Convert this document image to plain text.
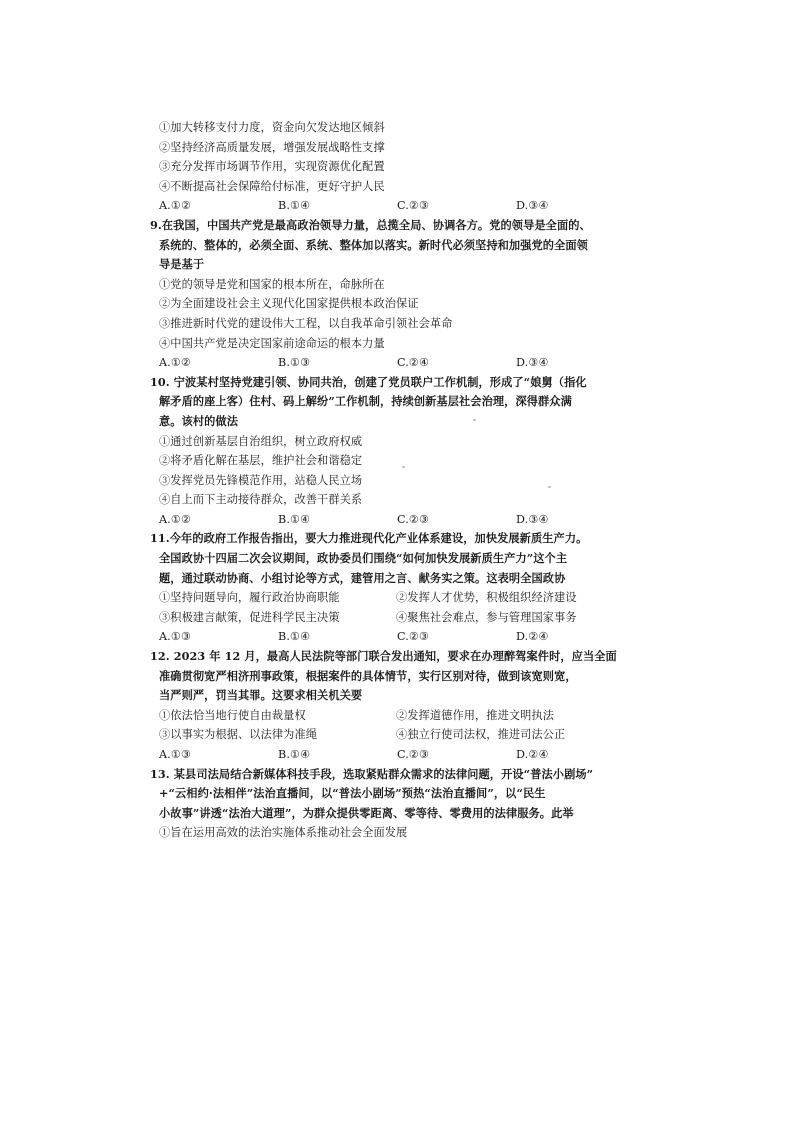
①加大转移支付力度，资金向欠发达地区倾斜
②坚持经济高质量发展，增强发展战略性支撑
③充分发挥市场调节作用，实现资源优化配置
④不断提高社会保障给付标准，更好守护人民
A.①②	B.①④	C.②③	D.③④
9.在我国，中国共产党是最高政治领导力量，总揽全局、协调各方。党的领导是全面的、
系统的、整体的，必须全面、系统、整体加以落实。新时代必须坚持和加强党的全面领
导是基于
①党的领导是党和国家的根本所在，命脉所在
②为全面建设社会主义现代化国家提供根本政治保证
③推进新时代党的建设伟大工程，以自我革命引领社会革命
④中国共产党是决定国家前途命运的根本力量
A.①②	B.①③	C.②④	D.③④
10. 宁波某村坚持党建引领、协同共治，创建了党员联户工作机制，形成了“娘舅（指化
解矛盾的座上客）住村、码上解纷”工作机制，持续创新基层社会治理，深得群众满
意。该村的做法
①通过创新基层自治组织，树立政府权威
②将矛盾化解在基层，维护社会和谐稳定
③发挥党员先锋模范作用，站稳人民立场
④自上而下主动接待群众，改善干群关系
A.①②	B.①④	C.②③	D.③④
11.今年的政府工作报告指出，要大力推进现代化产业体系建设，加快发展新质生产力。
全国政协十四届二次会议期间，政协委员们围绕“如何加快发展新质生产力”这个主
题，通过联动协商、小组讨论等方式，建管用之言、献务实之策。这表明全国政协
①坚持问题导向，履行政治协商职能	②发挥人才优势，积极组织经济建设
③积极建言献策，促进科学民主决策	④聚焦社会难点，参与管理国家事务
A.①③	B.①④	C.②③	D.②④
12. 2023 年 12 月，最高人民法院等部门联合发出通知，要求在办理醉驾案件时，应当全面
准确贯彻宽严相济刑事政策，根据案件的具体情节，实行区别对待，做到该宽则宽，
当严则严，罚当其罪。这要求相关机关要
①依法恰当地行使自由裁量权	②发挥道德作用，推进文明执法
③以事实为根据、以法律为准绳	④独立行使司法权，推进司法公正
A.①③	B.①④	C.②③	D.②④
13. 某县司法局结合新媒体科技手段，选取紧贴群众需求的法律问题，开设“普法小剧场”
+“云相约·法相伴”法治直播间，以“普法小剧场”预热“法治直播间”，以“民生
小故事”讲透“法治大道理”，为群众提供零距离、零等待、零费用的法律服务。此举
①旨在运用高效的法治实施体系推动社会全面发展
